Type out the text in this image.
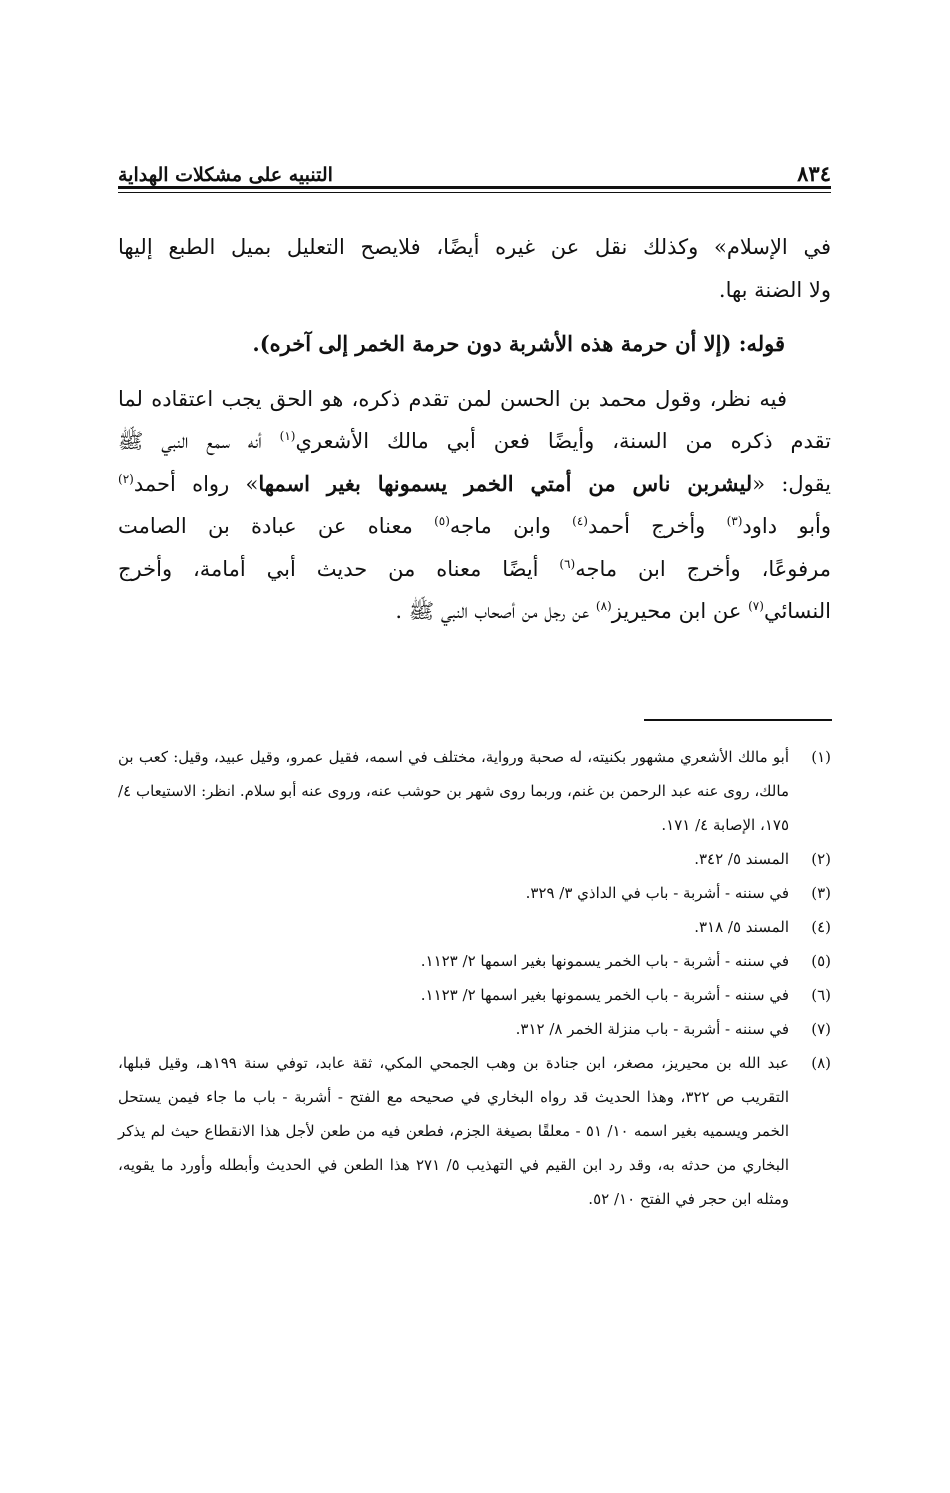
٨٣٤
التنبيه على مشكلات الهداية

في الإسلام» وكذلك نقل عن غيره أيضًا، فلايصح التعليل بميل الطبع إليها

ولا الضنة بها.

قوله: (إلا أن حرمة هذه الأشربة دون حرمة الخمر إلى آخره).

فيه نظر، وقول محمد بن الحسن لمن تقدم ذكره، هو الحق يجب اعتقاده لما

تقدم ذكره من السنة، وأيضًا فعن أبي مالك الأشعري$^{(١)}$ أنه سمع النبي ﷺ

يقول: «ليشربن ناس من أمتي الخمر يسمونها بغير اسمها» رواه أحمد$^{(٢)}$

وأبو داود$^{(٣)}$ وأخرج أحمد$^{(٤)}$ وابن ماجه$^{(٥)}$ معناه عن عبادة بن الصامت

مرفوعًا، وأخرج ابن ماجه$^{(٦)}$ أيضًا معناه من حديث أبي أمامة، وأخرج

النسائي$^{(٧)}$ عن ابن محيريز$^{(٨)}$ عن رجل من أصحاب النبي ﷺ .

(١)
أبو مالك الأشعري مشهور بكنيته، له صحبة ورواية، مختلف في اسمه، فقيل عمرو، وقيل عبيد، وقيل: كعب بن مالك، روى عنه عبد الرحمن بن غنم، وربما روى شهر بن حوشب عنه، وروى عنه أبو سلام. انظر: الاستيعاب ٤/ ١٧٥، الإصابة ٤/ ١٧١.
(٢)
المسند ٥/ ٣٤٢.
(٣)
في سننه - أشربة - باب في الداذي ٣/ ٣٢٩.
(٤)
المسند ٥/ ٣١٨.
(٥)
في سننه - أشربة - باب الخمر يسمونها بغير اسمها ٢/ ١١٢٣.
(٦)
في سننه - أشربة - باب الخمر يسمونها بغير اسمها ٢/ ١١٢٣.
(٧)
في سننه - أشربة - باب منزلة الخمر ٨/ ٣١٢.
(٨)
عبد الله بن محيريز، مصغر، ابن جنادة بن وهب الجمحي المكي، ثقة عابد، توفي سنة ١٩٩هـ، وقيل قبلها، التقريب ص ٣٢٢، وهذا الحديث قد رواه البخاري في صحيحه مع الفتح - أشربة - باب ما جاء فيمن يستحل الخمر ويسميه بغير اسمه ١٠/ ٥١ - معلقًا بصيغة الجزم، فطعن فيه من طعن لأجل هذا الانقطاع حيث لم يذكر البخاري من حدثه به، وقد رد ابن القيم في التهذيب ٥/ ٢٧١ هذا الطعن في الحديث وأبطله وأورد ما يقويه، ومثله ابن حجر في الفتح ١٠/ ٥٢.
